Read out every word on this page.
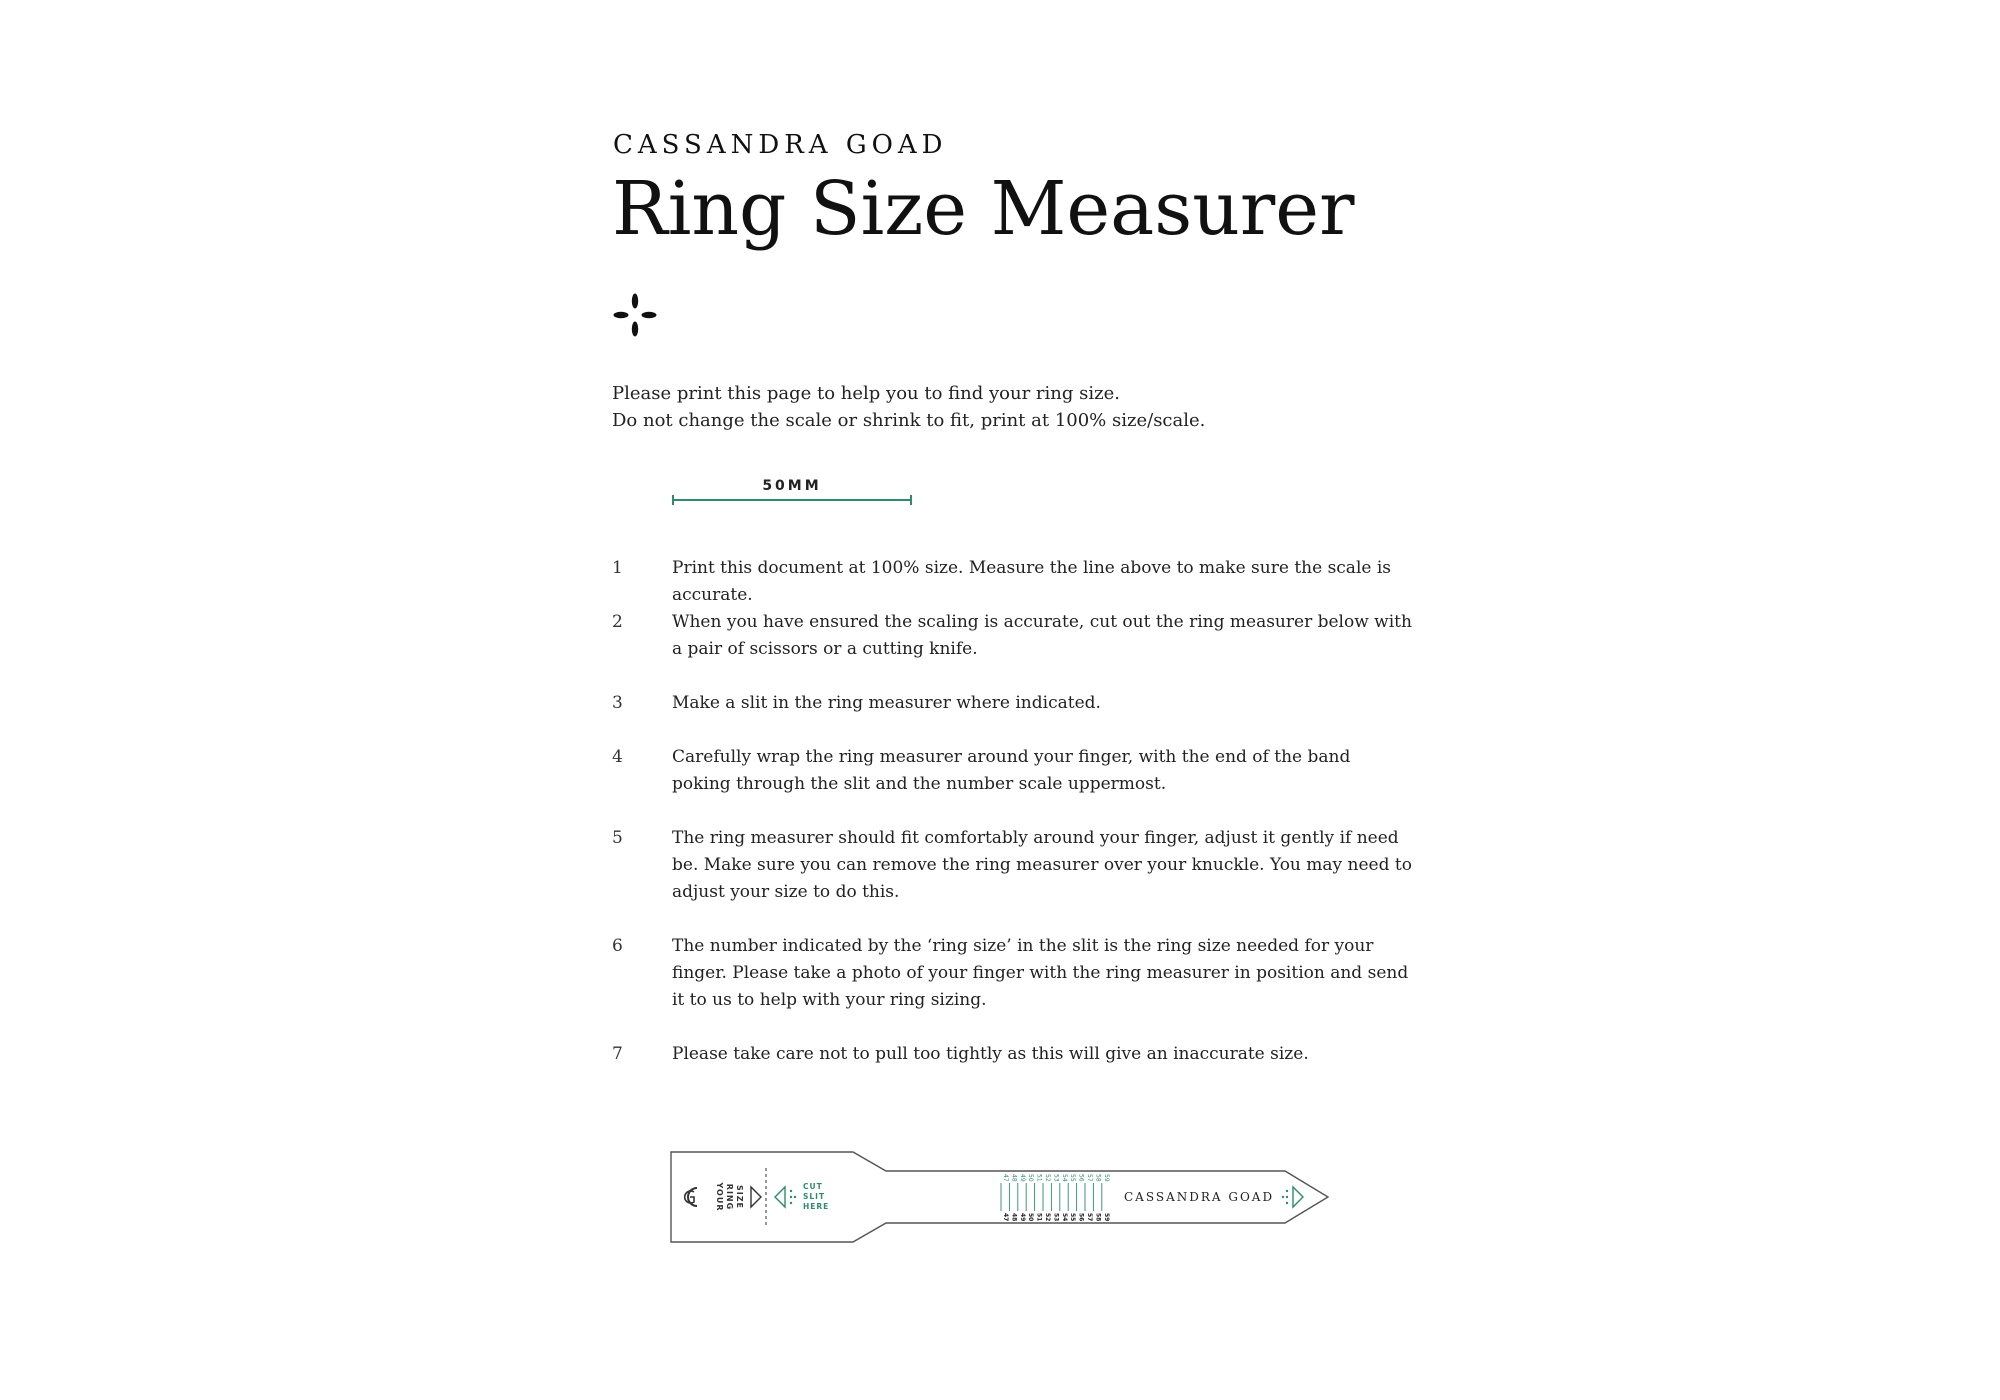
CASSANDRA GOAD
Ring Size Measurer
Please print this page to help you to find your ring size.
Do not change the scale or shrink to fit, print at 100% size/scale.
50MM
1	Print this document at 100% size. Measure the line above to make sure the scale is accurate.
2	When you have ensured the scaling is accurate, cut out the ring measurer below with a pair of scissors or a cutting knife.
3	Make a slit in the ring measurer where indicated.
4	Carefully wrap the ring measurer around your finger, with the end of the band poking through the slit and the number scale uppermost.
5	The ring measurer should fit comfortably around your finger, adjust it gently if need be. Make sure you can remove the ring measurer over your knuckle. You may need to adjust your size to do this.
6	The number indicated by the ‘ring size’ in the slit is the ring size needed for your finger. Please take a photo of your finger with the ring measurer in position and send it to us to help with your ring sizing.
7	Please take care not to pull too tightly as this will give an inaccurate size.
YOUR RING SIZE	CUT
SLIT
HERE
47
47
48
48
49
49
50
50
51
51
52
52
53
53
54
54
55
55
56
56
57
57
58
58
59
59
CASSANDRA GOAD
